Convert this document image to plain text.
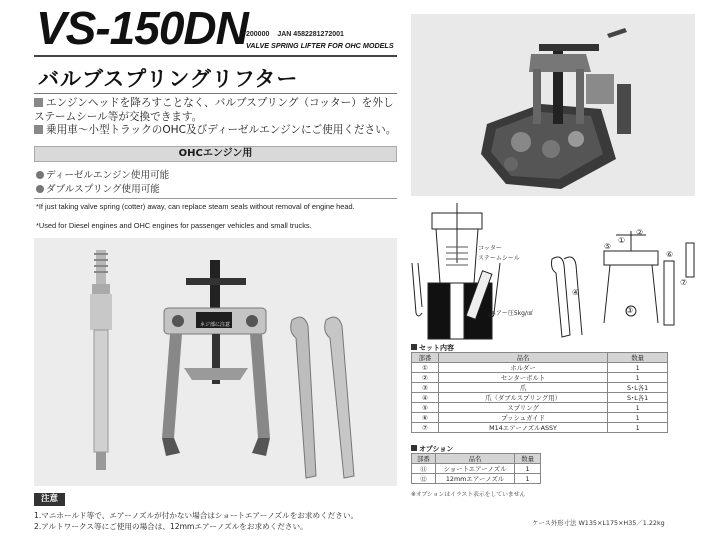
VS-150DN
200000 JAN 4582281272001
VALVE SPRING LIFTER FOR OHC MODELS
バルブスプリングリフター
エンジンヘッドを降ろすことなく、バルブスプリング（コッター）を外しステームシール等が交換できます。
乗用車～小型トラックのOHC及びディーゼルエンジンにご使用ください。
OHCエンジン用
ディーゼルエンジン使用可能
ダブルスプリング使用可能
*If just taking valve spring (cotter) away, can replace steam seals without removal of engine head.
*Used for Diesel engines and OHC engines for passenger vehicles and small trucks.
ネジ部に注意
コッター
ステームシール
エアー圧5kg/㎠
①
②
③
④
⑤
⑥
⑦
セット内容
部番	品名	数量
①	ホルダー	1
②	センターボルト	1
③	爪	S･L各1
④	爪（ダブルスプリング用）	S･L各1
⑤	スプリング	1
⑥	プッシュガイド	1
⑦	M14エアーノズルASSY	1
オプション
部番	品名	数量
⑪	ショートエアーノズル	1
⑫	12mmエアーノズル	1
※オプションはイラスト表示をしていません
注意
1.マニホールド等で、エアーノズルが付かない場合はショートエアーノズルをお求めください。
2.アルトワークス等にご使用の場合は、12mmエアーノズルをお求めください。	ケース外形寸法 W135×L175×H35／1.22kg
